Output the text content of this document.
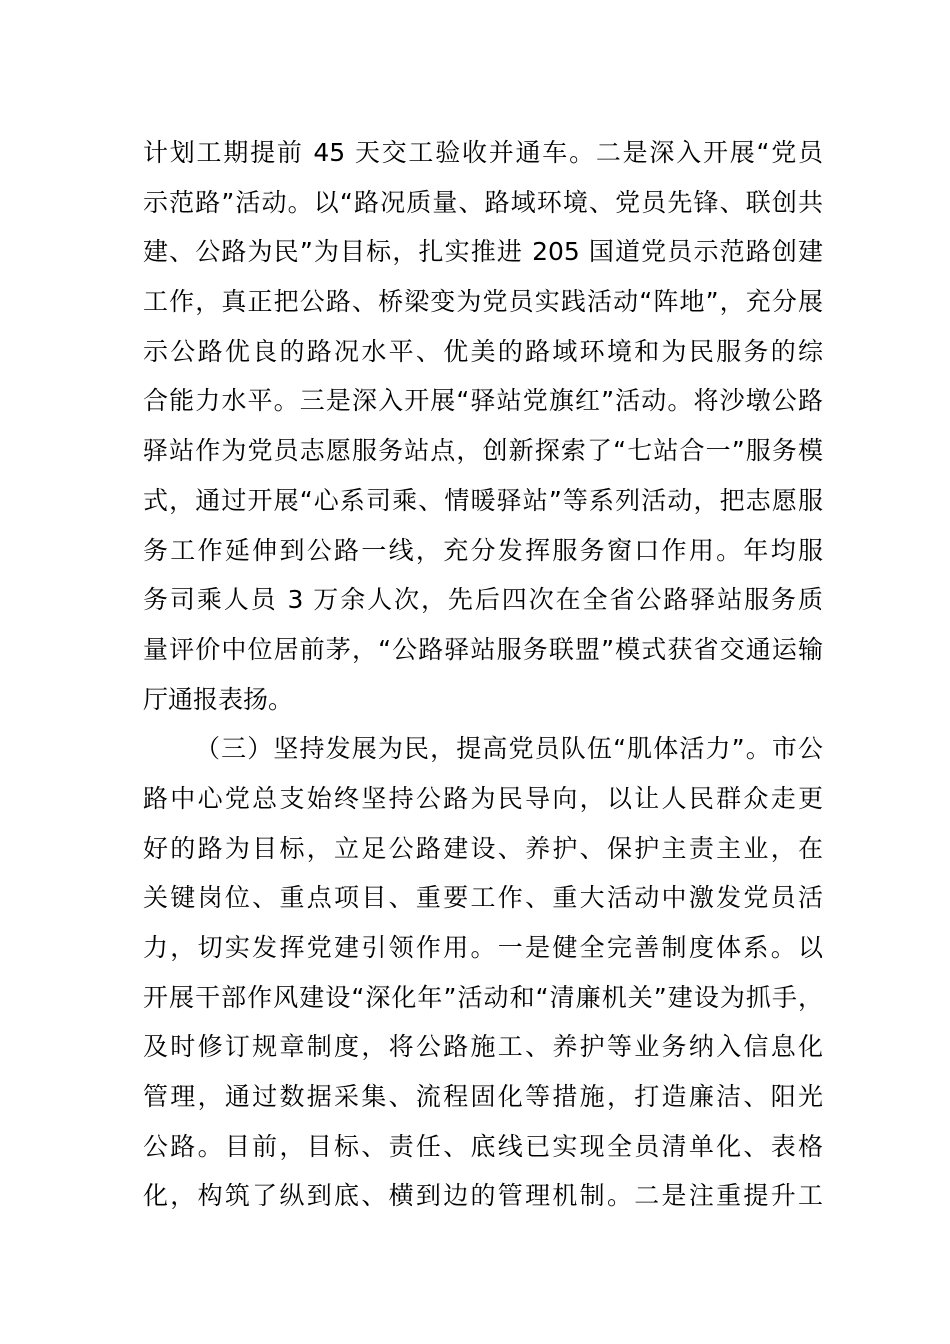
计划工期提前 45 天交工验收并通车。二是深入开展“党员
示范路”活动。以“路况质量、路域环境、党员先锋、联创共
建、公路为民”为目标，扎实推进 205 国道党员示范路创建
工作，真正把公路、桥梁变为党员实践活动“阵地”，充分展
示公路优良的路况水平、优美的路域环境和为民服务的综
合能力水平。三是深入开展“驿站党旗红”活动。将沙墩公路
驿站作为党员志愿服务站点，创新探索了“七站合一”服务模
式，通过开展“心系司乘、情暖驿站”等系列活动，把志愿服
务工作延伸到公路一线，充分发挥服务窗口作用。年均服
务司乘人员 3 万余人次，先后四次在全省公路驿站服务质
量评价中位居前茅，“公路驿站服务联盟”模式获省交通运输
厅通报表扬。
（三）坚持发展为民，提高党员队伍“肌体活力”。市公
路中心党总支始终坚持公路为民导向，以让人民群众走更
好的路为目标，立足公路建设、养护、保护主责主业，在
关键岗位、重点项目、重要工作、重大活动中激发党员活
力，切实发挥党建引领作用。一是健全完善制度体系。以
开展干部作风建设“深化年”活动和“清廉机关”建设为抓手，
及时修订规章制度，将公路施工、养护等业务纳入信息化
管理，通过数据采集、流程固化等措施，打造廉洁、阳光
公路。目前，目标、责任、底线已实现全员清单化、表格
化，构筑了纵到底、横到边的管理机制。二是注重提升工
